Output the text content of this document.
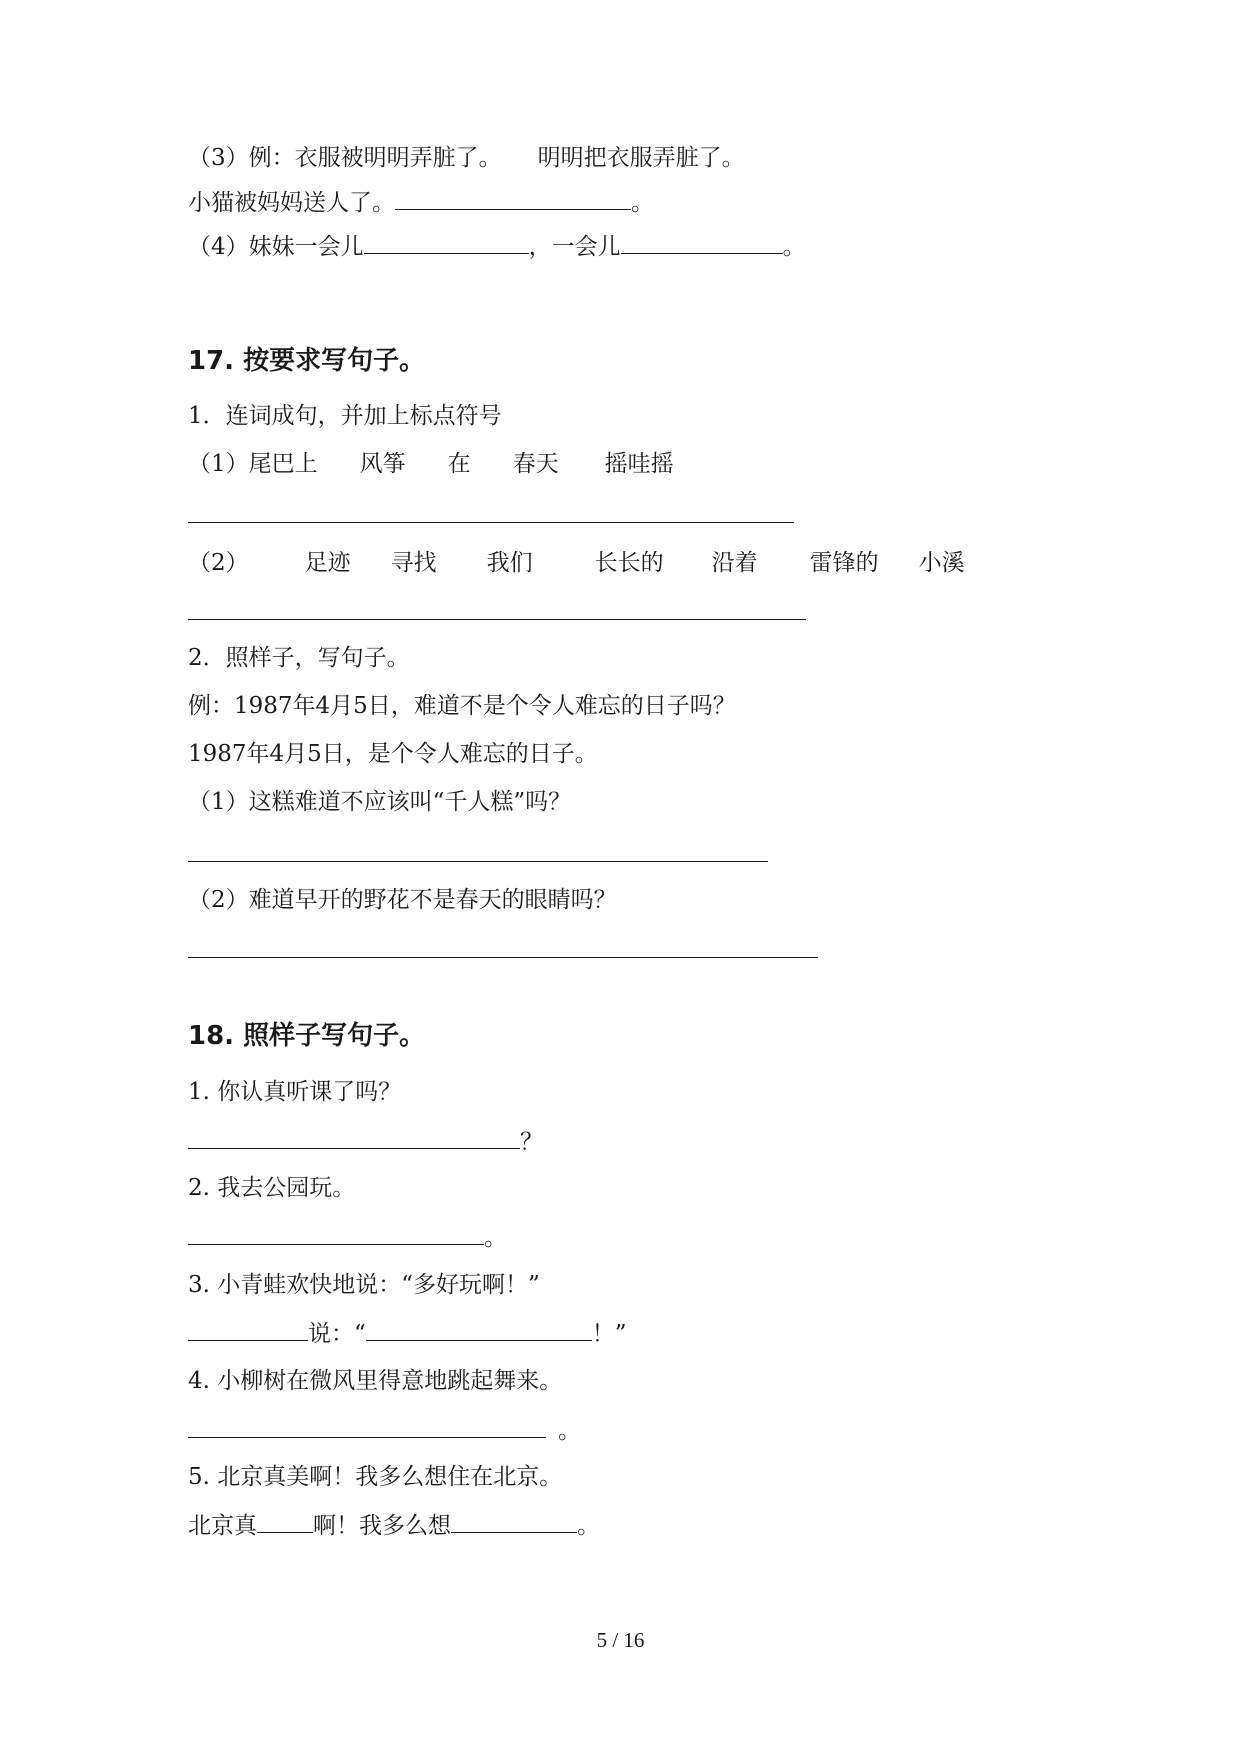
（3）例：衣服被明明弄脏了。 明明把衣服弄脏了。
小猫被妈妈送人了。	。
（4）妹妹一会儿	，一会儿	。
17. 按要求写句子。
1．连词成句，并加上标点符号
（1）尾巴上 风筝 在 春天 摇哇摇
（2） 足迹 寻找 我们	长长的 沿着 雷锋的 小溪
2．照样子，写句子。
例：1987年4月5日，难道不是个令人难忘的日子吗？
1987年4月5日，是个令人难忘的日子。
（1）这糕难道不应该叫“千人糕”吗？
（2）难道早开的野花不是春天的眼睛吗？
18. 照样子写句子。
1. 你认真听课了吗？
？
2. 我去公园玩。
。
3. 小青蛙欢快地说：“多好玩啊！”
说：“	！”
4. 小柳树在微风里得意地跳起舞来。
。
5. 北京真美啊！我多么想住在北京。
北京真 啊！我多么想	。
5 / 16
